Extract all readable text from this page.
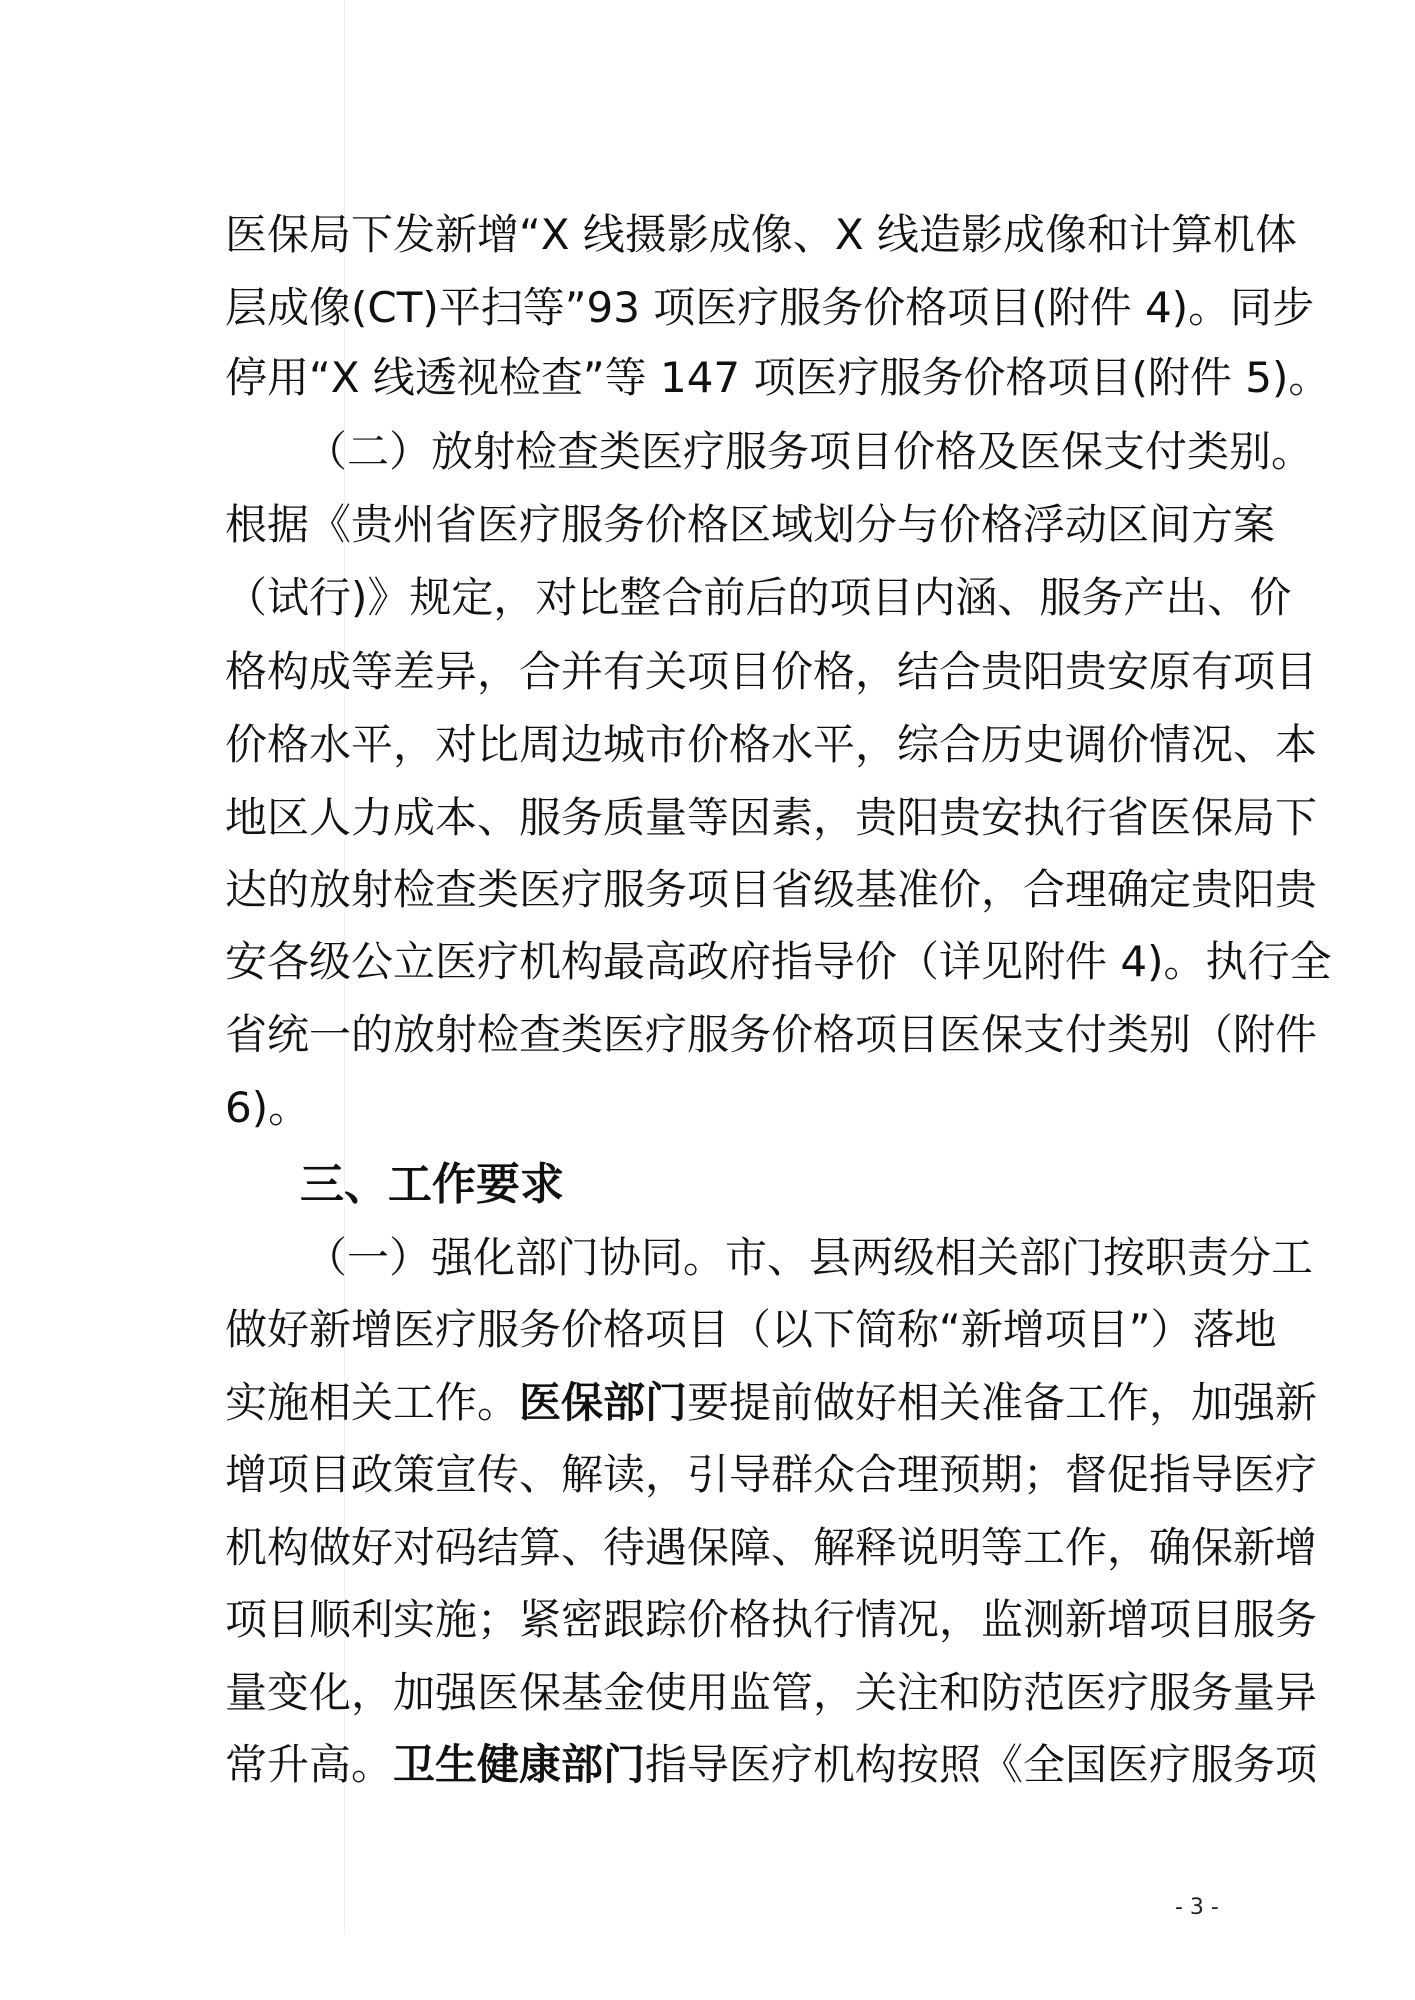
医保局下发新增“X 线摄影成像、X 线造影成像和计算机体
层成像(CT)平扫等”93 项医疗服务价格项目(附件 4)。同步
停用“X 线透视检查”等 147 项医疗服务价格项目(附件 5)。
（二）放射检查类医疗服务项目价格及医保支付类别。
根据《贵州省医疗服务价格区域划分与价格浮动区间方案
（试行)》规定，对比整合前后的项目内涵、服务产出、价
格构成等差异，合并有关项目价格，结合贵阳贵安原有项目
价格水平，对比周边城市价格水平，综合历史调价情况、本
地区人力成本、服务质量等因素，贵阳贵安执行省医保局下
达的放射检查类医疗服务项目省级基准价，合理确定贵阳贵
安各级公立医疗机构最高政府指导价（详见附件 4)。执行全
省统一的放射检查类医疗服务价格项目医保支付类别（附件
6)。
三、工作要求
（一）强化部门协同。市、县两级相关部门按职责分工
做好新增医疗服务价格项目（以下简称“新增项目”）落地
实施相关工作。医保部门要提前做好相关准备工作，加强新
增项目政策宣传、解读，引导群众合理预期；督促指导医疗
机构做好对码结算、待遇保障、解释说明等工作，确保新增
项目顺利实施；紧密跟踪价格执行情况，监测新增项目服务
量变化，加强医保基金使用监管，关注和防范医疗服务量异
常升高。卫生健康部门指导医疗机构按照《全国医疗服务项
- 3 -
